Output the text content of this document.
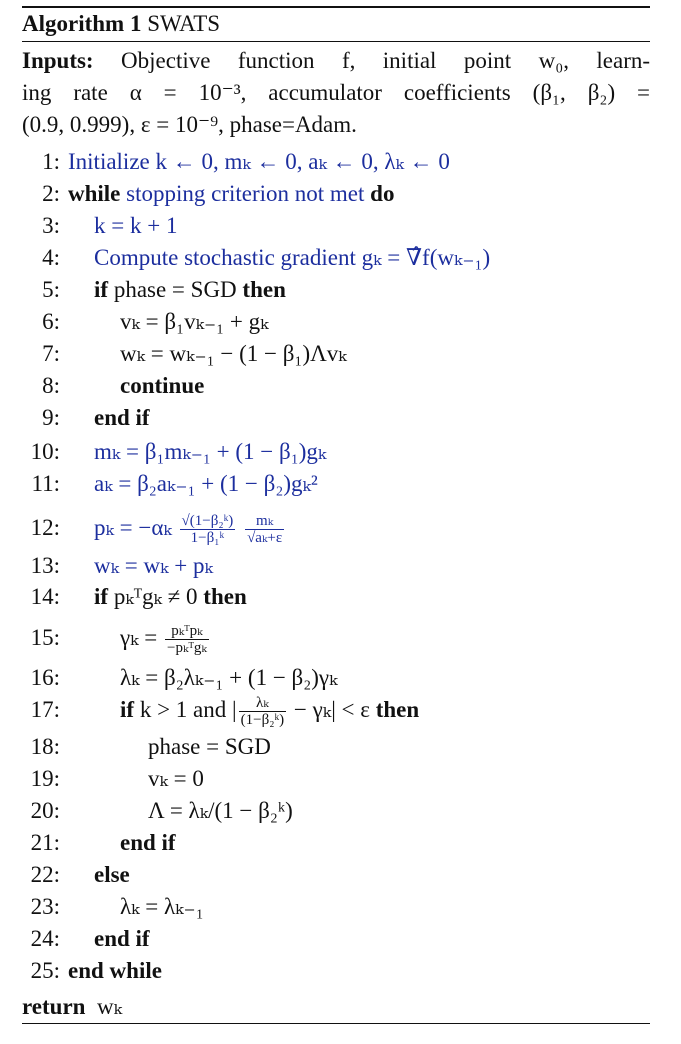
Algorithm 1 SWATS
Inputs: Objective function f, initial point w₀, learn-
ing rate α = 10⁻³, accumulator coefficients (β₁, β₂) =
(0.9, 0.999), ε = 10⁻⁹, phase=Adam.
1: Initialize k ← 0, mₖ ← 0, aₖ ← 0, λₖ ← 0
2: while stopping criterion not met do
3: k = k + 1
4: Compute stochastic gradient gₖ = ∇̂f(wₖ₋₁)
5: if phase = SGD then
6:	vₖ = β₁vₖ₋₁ + gₖ
7:	wₖ = wₖ₋₁ − (1 − β₁)Λvₖ
8:	continue
9: end if
10: mₖ = β₁mₖ₋₁ + (1 − β₁)gₖ
11: aₖ = β₂aₖ₋₁ + (1 − β₂)gₖ²
12: $p_k = -\alpha_k \frac{\text{√(1−β₂ᵏ)}}{\text{1−β₁ᵏ}}$
$\frac{\text{mₖ}}{\text{√aₖ+ε}}$
13: wₖ = wₖ + pₖ
14: if pₖᵀgₖ ≠ 0 then
15:	$\gamma_k = \frac{\text{pₖᵀpₖ}}{\text{−pₖᵀgₖ}}$
16:	λₖ = β₂λₖ₋₁ + (1 − β₂)γₖ
17:	if k > 1 and | $\frac{\text{λₖ}}{\text{(1−β₂ᵏ)}} - \gamma_k| < \varepsilon$ then
18:	phase = SGD
19:	vₖ = 0
20:	Λ = λₖ/(1 − β₂ᵏ)
21:	end if
22: else
23:	λₖ = λₖ₋₁
24: end if
25: end while
return wₖ
